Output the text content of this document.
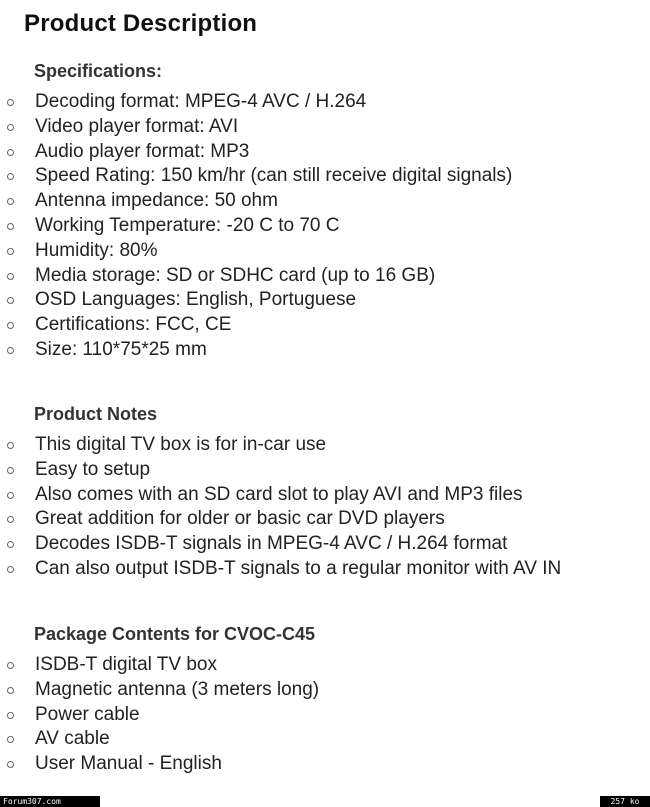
Product Description
Specifications:
Decoding format: MPEG-4 AVC / H.264
Video player format: AVI
Audio player format: MP3
Speed Rating: 150 km/hr (can still receive digital signals)
Antenna impedance: 50 ohm
Working Temperature: -20 C to 70 C
Humidity: 80%
Media storage: SD or SDHC card (up to 16 GB)
OSD Languages: English, Portuguese
Certifications: FCC, CE
Size: 110*75*25 mm
Product Notes
This digital TV box is for in-car use
Easy to setup
Also comes with an SD card slot to play AVI and MP3 files
Great addition for older or basic car DVD players
Decodes ISDB-T signals in MPEG-4 AVC / H.264 format
Can also output ISDB-T signals to a regular monitor with AV IN
Package Contents for CVOC-C45
ISDB-T digital TV box
Magnetic antenna (3 meters long)
Power cable
AV cable
User Manual - English
Forum307.com	257 ko
